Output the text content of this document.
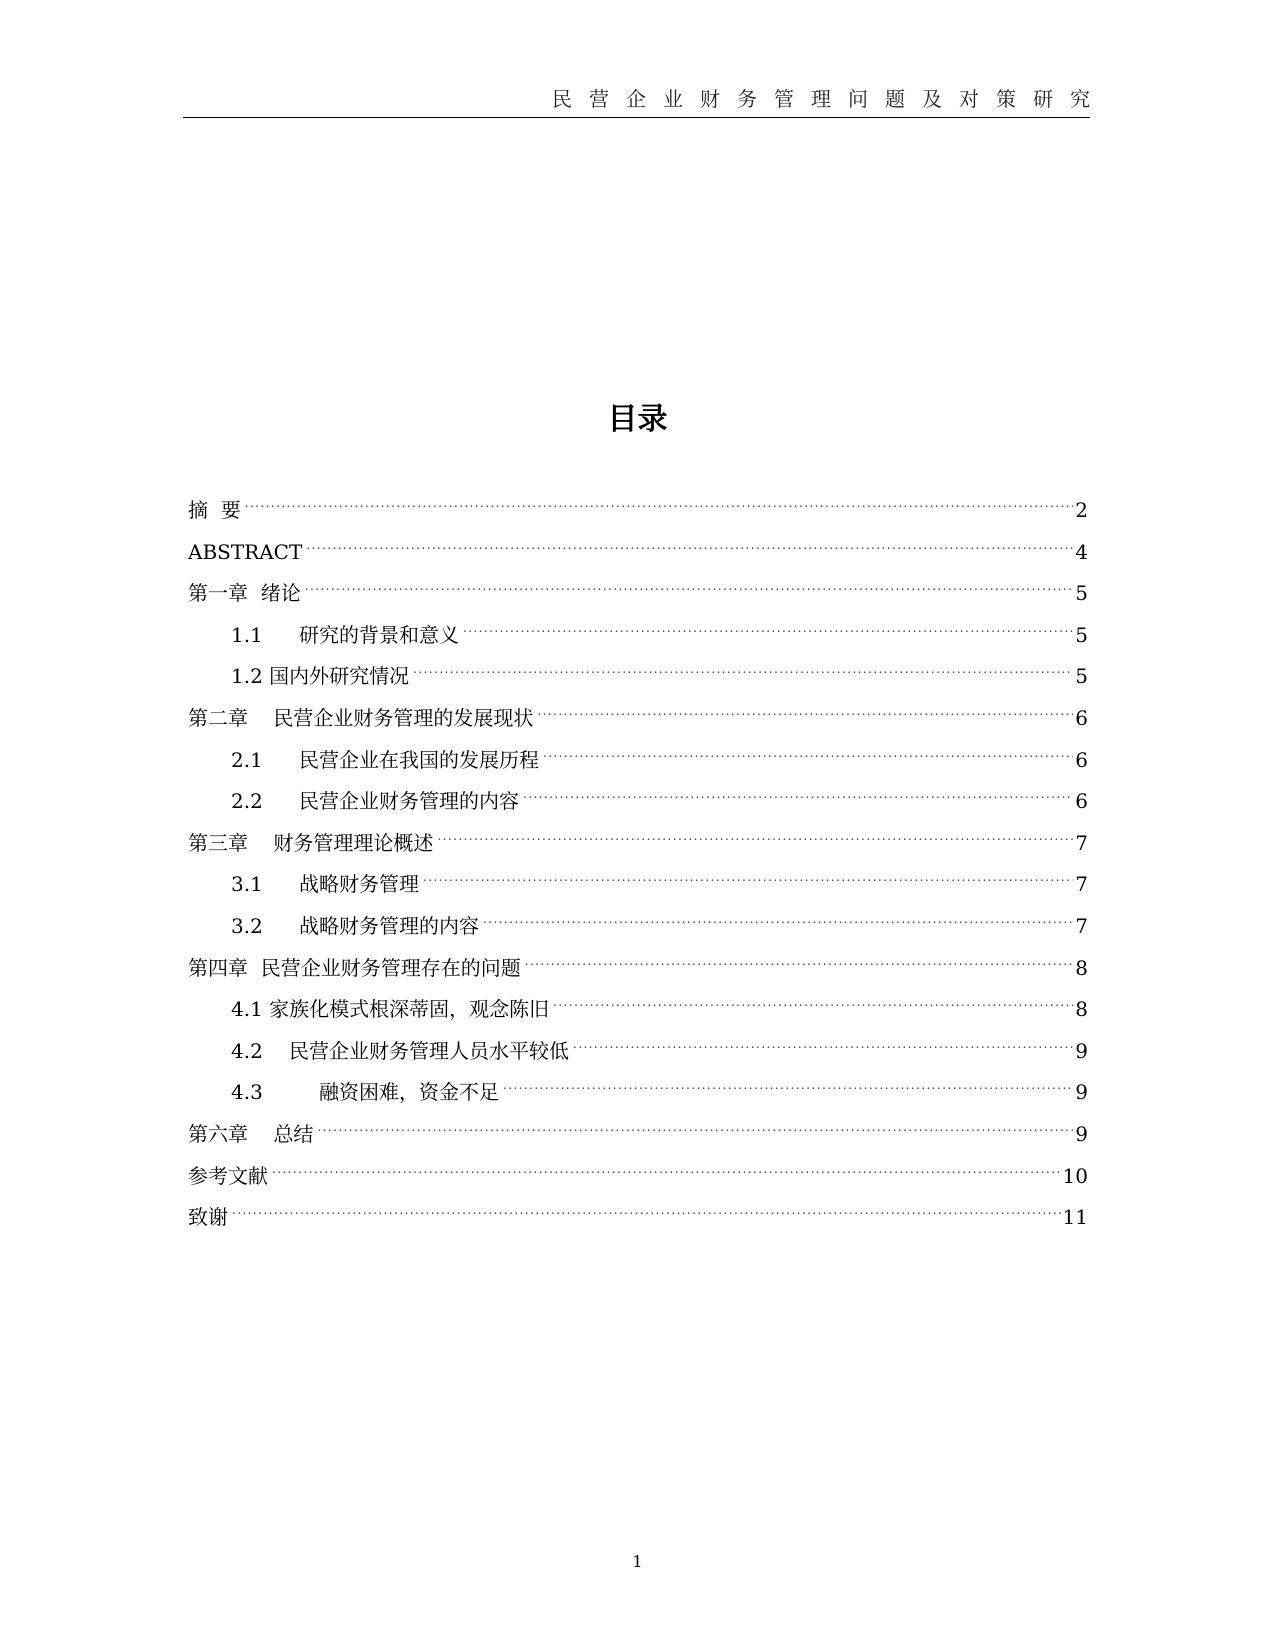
民营企业财务管理问题及对策研究
目录
摘  要 . . .	2
ABSTRACT . . .	4
第一章  绪论 . . .	5
1.1	研究的背景和意义 . . .	5
1.2 国内外研究情况 . . .	5
第二章    民营企业财务管理的发展现状 . . .	6
2.1	民营企业在我国的发展历程 . . .	6
2.2	民营企业财务管理的内容 . . .	6
第三章    财务管理理论概述 . . .	7
3.1	战略财务管理 . . .	7
3.2	战略财务管理的内容 . . .	7
第四章  民营企业财务管理存在的问题 . . .	8
4.1 家族化模式根深蒂固，观念陈旧 . . .	8
4.2	民营企业财务管理人员水平较低 . . .	9
4.3	融资困难，资金不足 . . .	9
第六章    总结 . . .	9
参考文献 . . .	10
致谢 . . .	11
1
